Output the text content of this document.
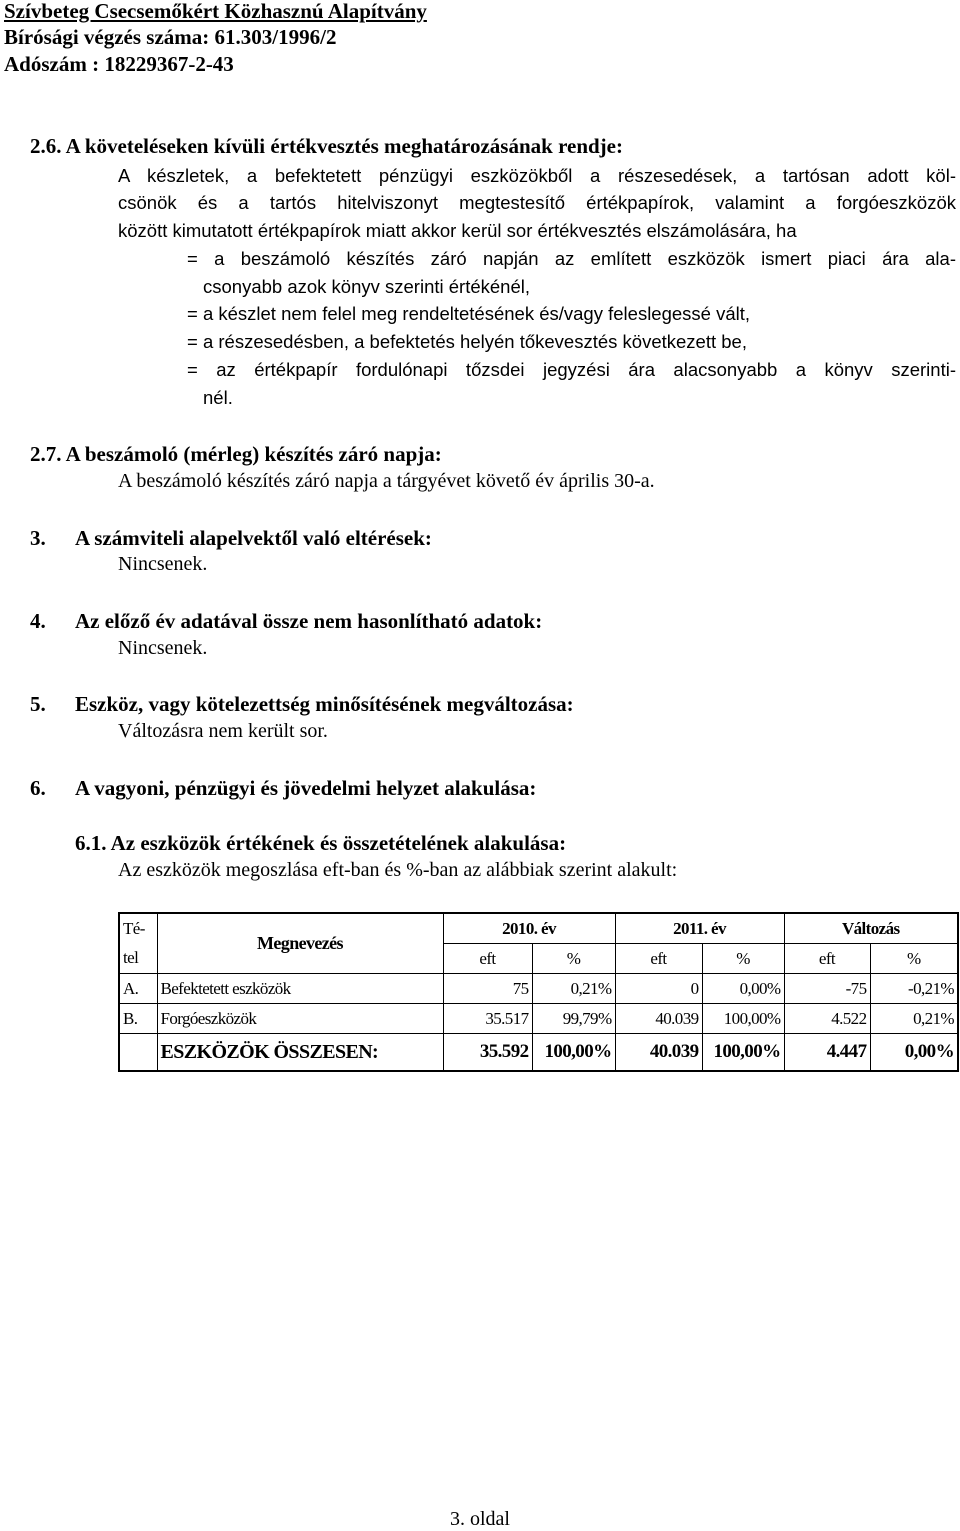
Szívbeteg Csecsemőkért Közhasznú Alapítvány
Bírósági végzés száma: 61.303/1996/2
Adószám : 18229367-2-43
2.6. A követeléseken kívüli értékvesztés meghatározásának rendje:
A készletek, a befektetett pénzügyi eszközökből a részesedések, a tartósan adott köl-
csönök és a tartós hitelviszonyt megtestesítő értékpapírok, valamint a forgóeszközök
között kimutatott értékpapírok miatt akkor kerül sor értékvesztés elszámolására, ha
= a beszámoló készítés záró napján az említett eszközök ismert piaci ára ala-
csonyabb azok könyv szerinti értékénél,
= a készlet nem felel meg rendeltetésének és/vagy feleslegessé vált,
= a részesedésben, a befektetés helyén tőkevesztés következett be,
= az értékpapír fordulónapi tőzsdei jegyzési ára alacsonyabb a könyv szerinti-
nél.
2.7. A beszámoló (mérleg) készítés záró napja:
A beszámoló készítés záró napja a tárgyévet követő év április 30-a.
3. A számviteli alapelvektől való eltérések:
Nincsenek.
4. Az előző év adatával össze nem hasonlítható adatok:
Nincsenek.
5. Eszköz, vagy kötelezettség minősítésének megváltozása:
Változásra nem került sor.
6. A vagyoni, pénzügyi és jövedelmi helyzet alakulása:
6.1. Az eszközök értékének és összetételének alakulása:
Az eszközök megoszlása eft-ban és %-ban az alábbiak szerint alakult:
Té-	Megnevezés	2010. év		2011. év		Változás	
tel		eft	%	eft	%	eft	%
A.	Befektetett eszközök	75	0,21%	0	0,00%	-75	-0,21%
B.	Forgóeszközök	35.517	99,79%	40.039	100,00%	4.522	0,21%
	ESZKÖZÖK ÖSSZESEN:	35.592	100,00%	40.039	100,00%	4.447	0,00%
3. oldal
